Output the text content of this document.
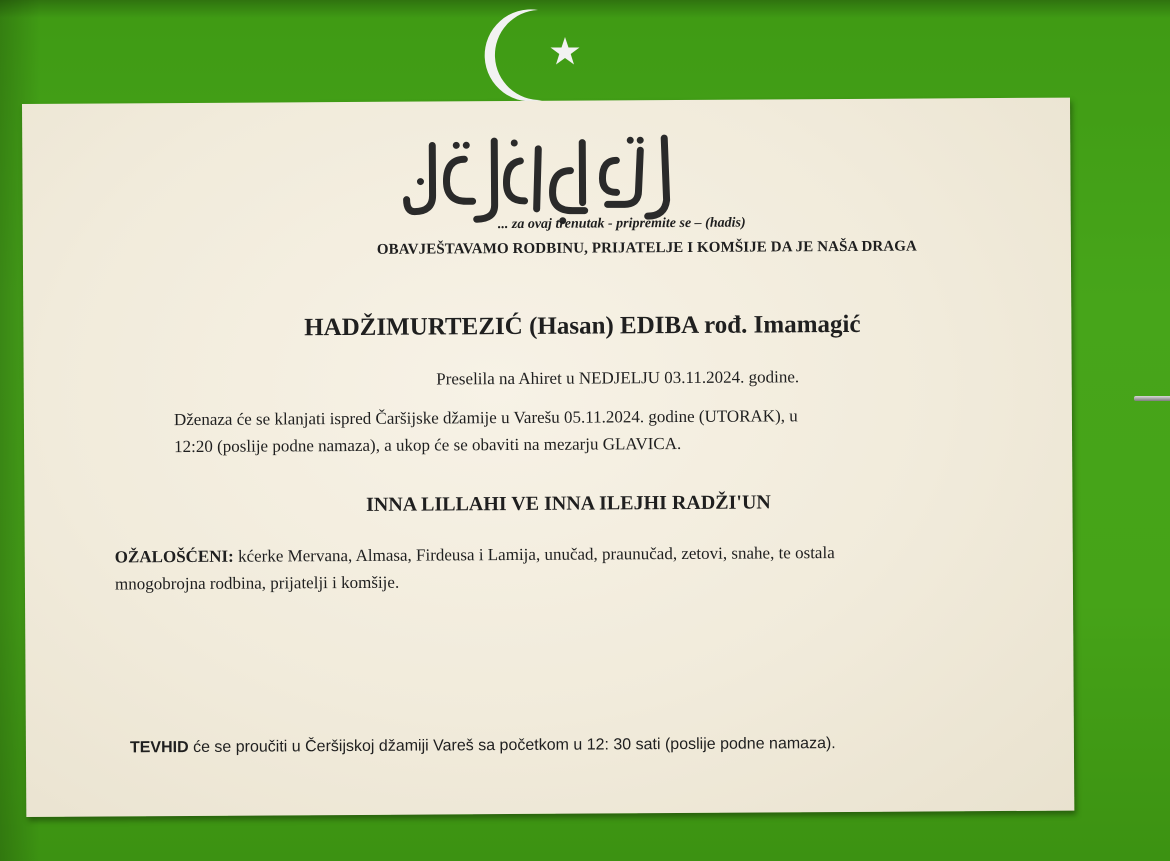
... za ovaj trenutak - pripremite se – (hadis)
OBAVJEŠTAVAMO RODBINU, PRIJATELJE I KOMŠIJE DA JE NAŠA DRAGA
HADŽIMURTEZIĆ (Hasan) EDIBA rođ. Imamagić
Preselila na Ahiret u NEDJELJU 03.11.2024. godine.
Dženaza će se klanjati ispred Čaršijske džamije u Varešu 05.11.2024. godine (UTORAK), u
12:20 (poslije podne namaza), a ukop će se obaviti na mezarju GLAVICA.
INNA LILLAHI VE INNA ILEJHI RADŽI'UN
OŽALOŠĆENI: kćerke Mervana, Almasa, Firdeusa i Lamija, unučad, praunučad, zetovi, snahe, te ostala
mnogobrojna rodbina, prijatelji i komšije.
TEVHID će se proučiti u Čeršijskoj džamiji Vareš sa početkom u 12: 30 sati (poslije podne namaza).
